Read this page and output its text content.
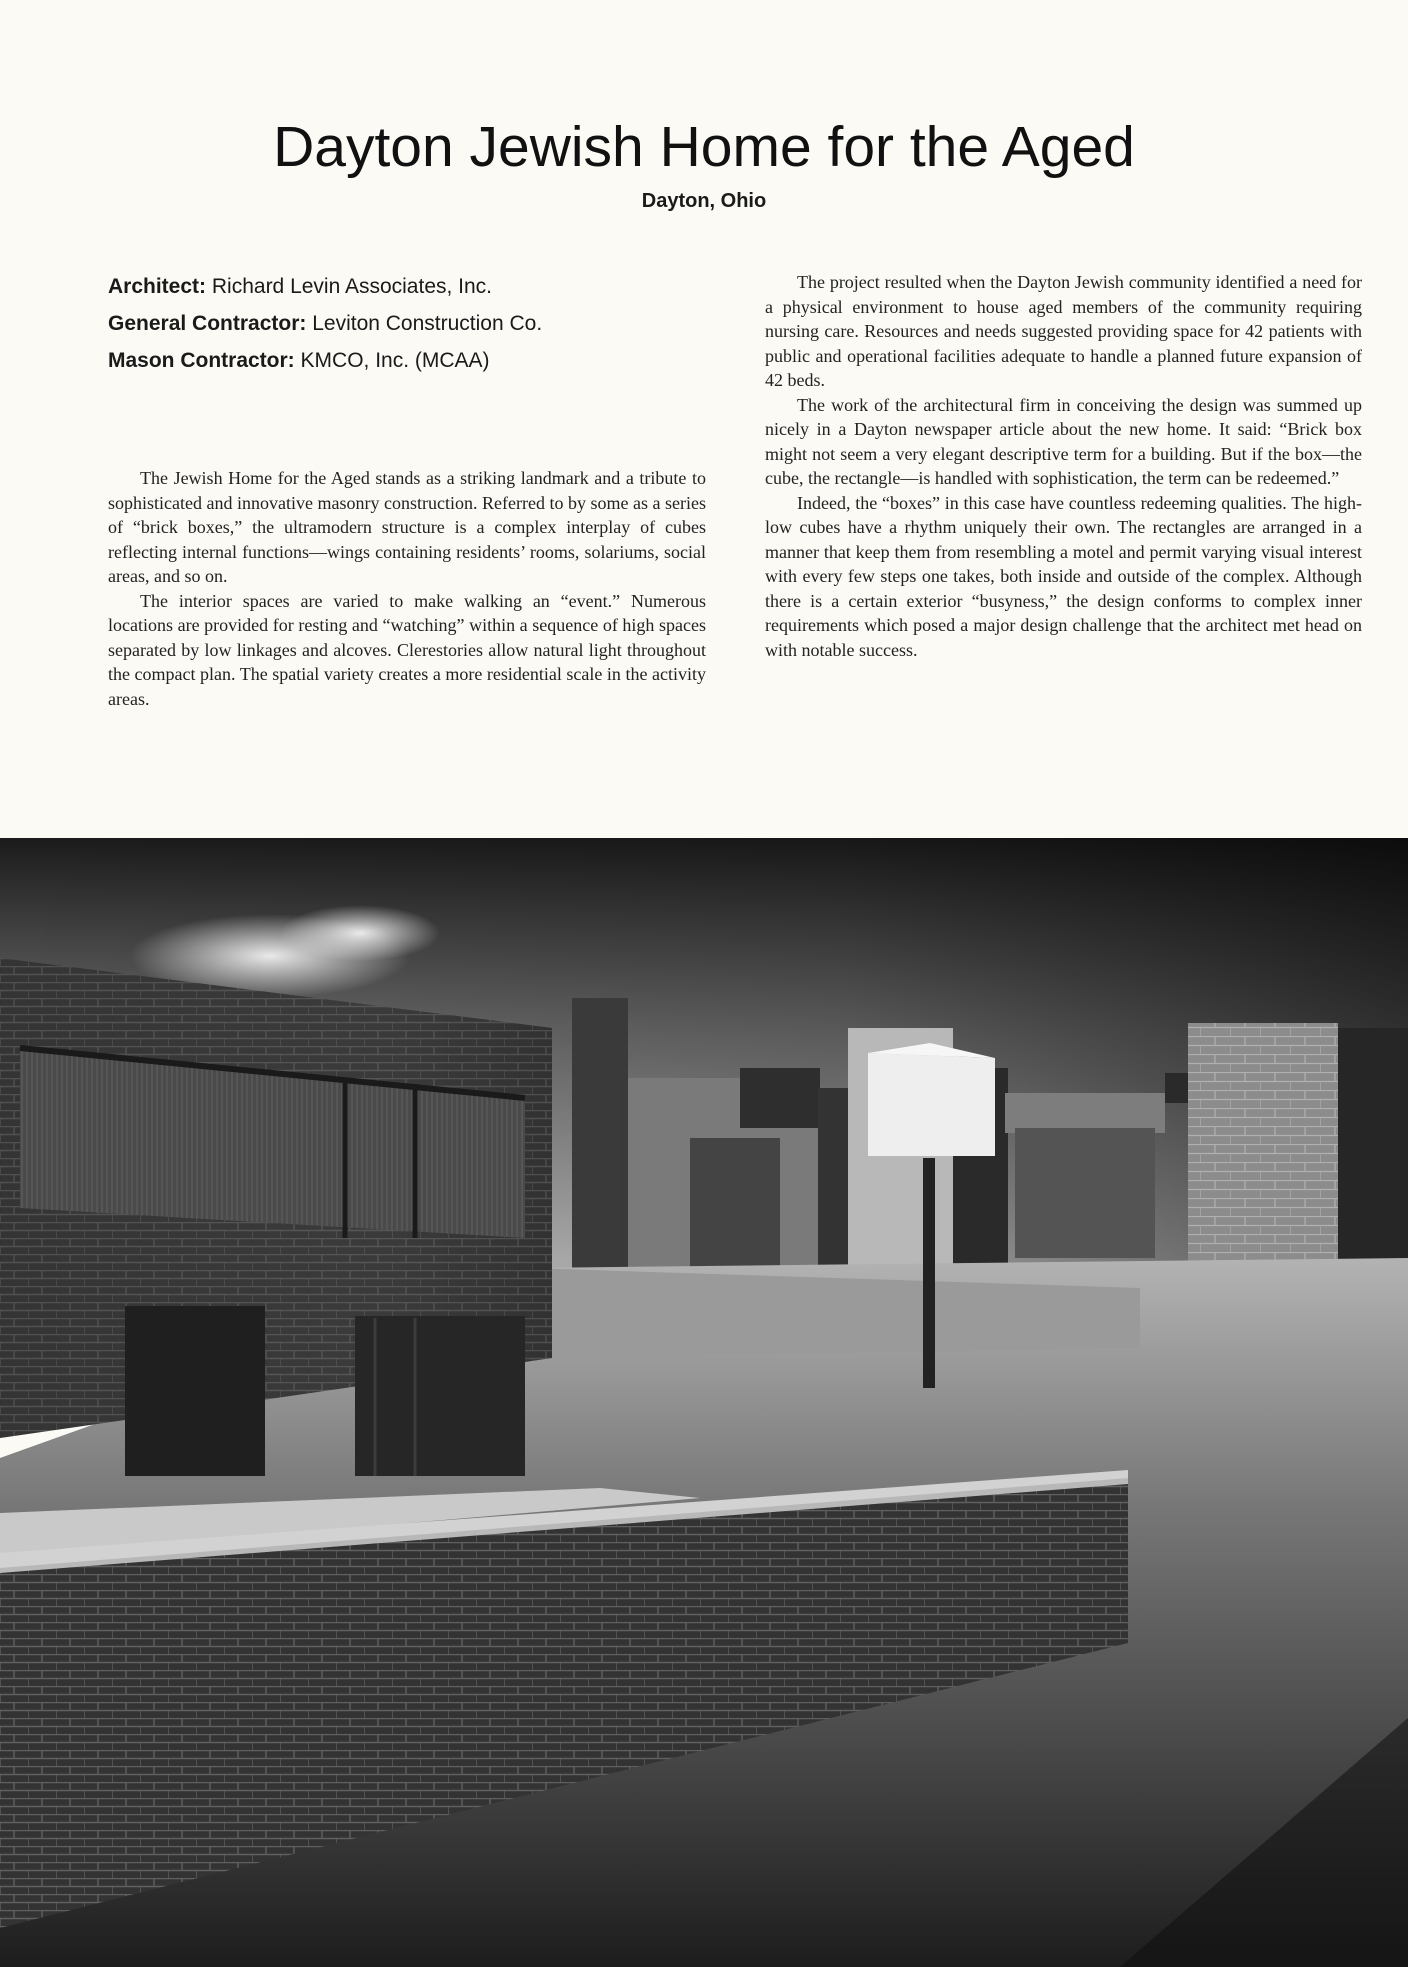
Dayton Jewish Home for the Aged
Dayton, Ohio
Architect: Richard Levin Associates, Inc.
General Contractor: Leviton Construction Co.
Mason Contractor: KMCO, Inc. (MCAA)

The Jewish Home for the Aged stands as a striking landmark and a tribute to sophisticated and innovative masonry construction. Referred to by some as a series of “brick boxes,” the ultramodern structure is a complex interplay of cubes reflecting internal functions—wings containing residents’ rooms, solariums, social areas, and so on.

The interior spaces are varied to make walking an “event.” Numerous locations are provided for resting and “watching” within a sequence of high spaces separated by low linkages and alcoves. Clerestories allow natural light throughout the compact plan. The spatial variety creates a more residential scale in the activity areas.

The project resulted when the Dayton Jewish community identified a need for a physical environment to house aged members of the community requiring nursing care. Resources and needs suggested providing space for 42 patients with public and operational facilities adequate to handle a planned future expansion of 42 beds.

The work of the architectural firm in conceiving the design was summed up nicely in a Dayton newspaper article about the new home. It said: “Brick box might not seem a very elegant descriptive term for a building. But if the box—the cube, the rectangle—is handled with sophistication, the term can be redeemed.”

Indeed, the “boxes” in this case have countless redeeming qualities. The high-low cubes have a rhythm uniquely their own. The rectangles are arranged in a manner that keep them from resembling a motel and permit varying visual interest with every few steps one takes, both inside and outside of the complex. Although there is a certain exterior “busyness,” the design conforms to complex inner requirements which posed a major design challenge that the architect met head on with notable success.
